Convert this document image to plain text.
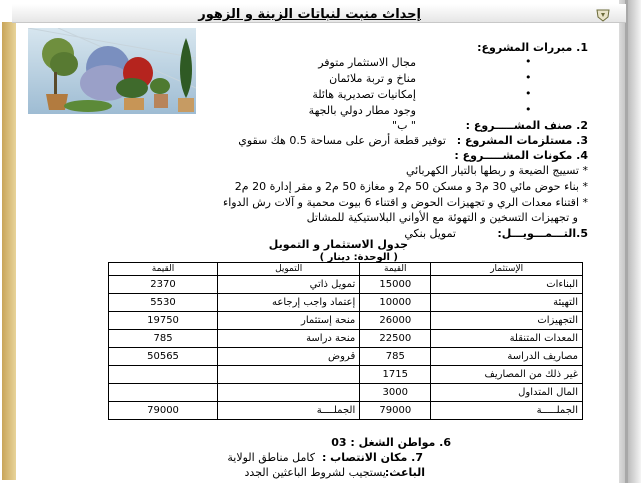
إحداث منبت لنباتات الزينة و الزهور
1. مبررات المشروع:
مجال الاستثمار متوفر	•
مناخ و تربة ملائمان	•
إمكانيات تصديرية هائلة	•
وجود مطار دولي بالجهة	•
2. صنف المشـــــروع :
" ب"
3. مستلزمات المشروع :
توفير قطعة أرض على مساحة 0.5 هك سقوي
4. مكونات المشـــــروع :
* تسييج الضيعة و ربطها بالتيار الكهربائي
* بناء حوض مائي 30 م3 و مسكن 50 م2 و مغازة 50 م2 و مقر إدارة 20 م2
* اقتناء معدات الري و تجهيزات الحوض و اقتناء 6 بيوت محمية و آلات رش الدواء
و تجهيزات التسخين و التهوئة مع الأواني البلاستيكية للمشاتل
5.التـــمـــويـــل:
تمويل بنكي
جدول الاستثمار و التمويل
( الوحدة: دينار )
الإستثمار	القيمة	التمويل	القيمة
البناءات	15000	تمويل ذاتي	2370
التهيئة	10000	إعتماد واجب إرجاعه	5530
التجهيزات	26000	منحة إستثمار	19750
المعدات المتنقلة	22500	منحة دراسة	785
مصاريف الدراسة	785	قروض	50565
غير ذلك من المصاريف	1715		
المال المتداول	3000		
الجملـــــة	79000	الجملــــة	79000
6. مواطن الشغل : 03
7. مكان الانتصاب :
كامل مناطق الولاية
الباعث:
يستجيب لشروط الباعثين الجدد
